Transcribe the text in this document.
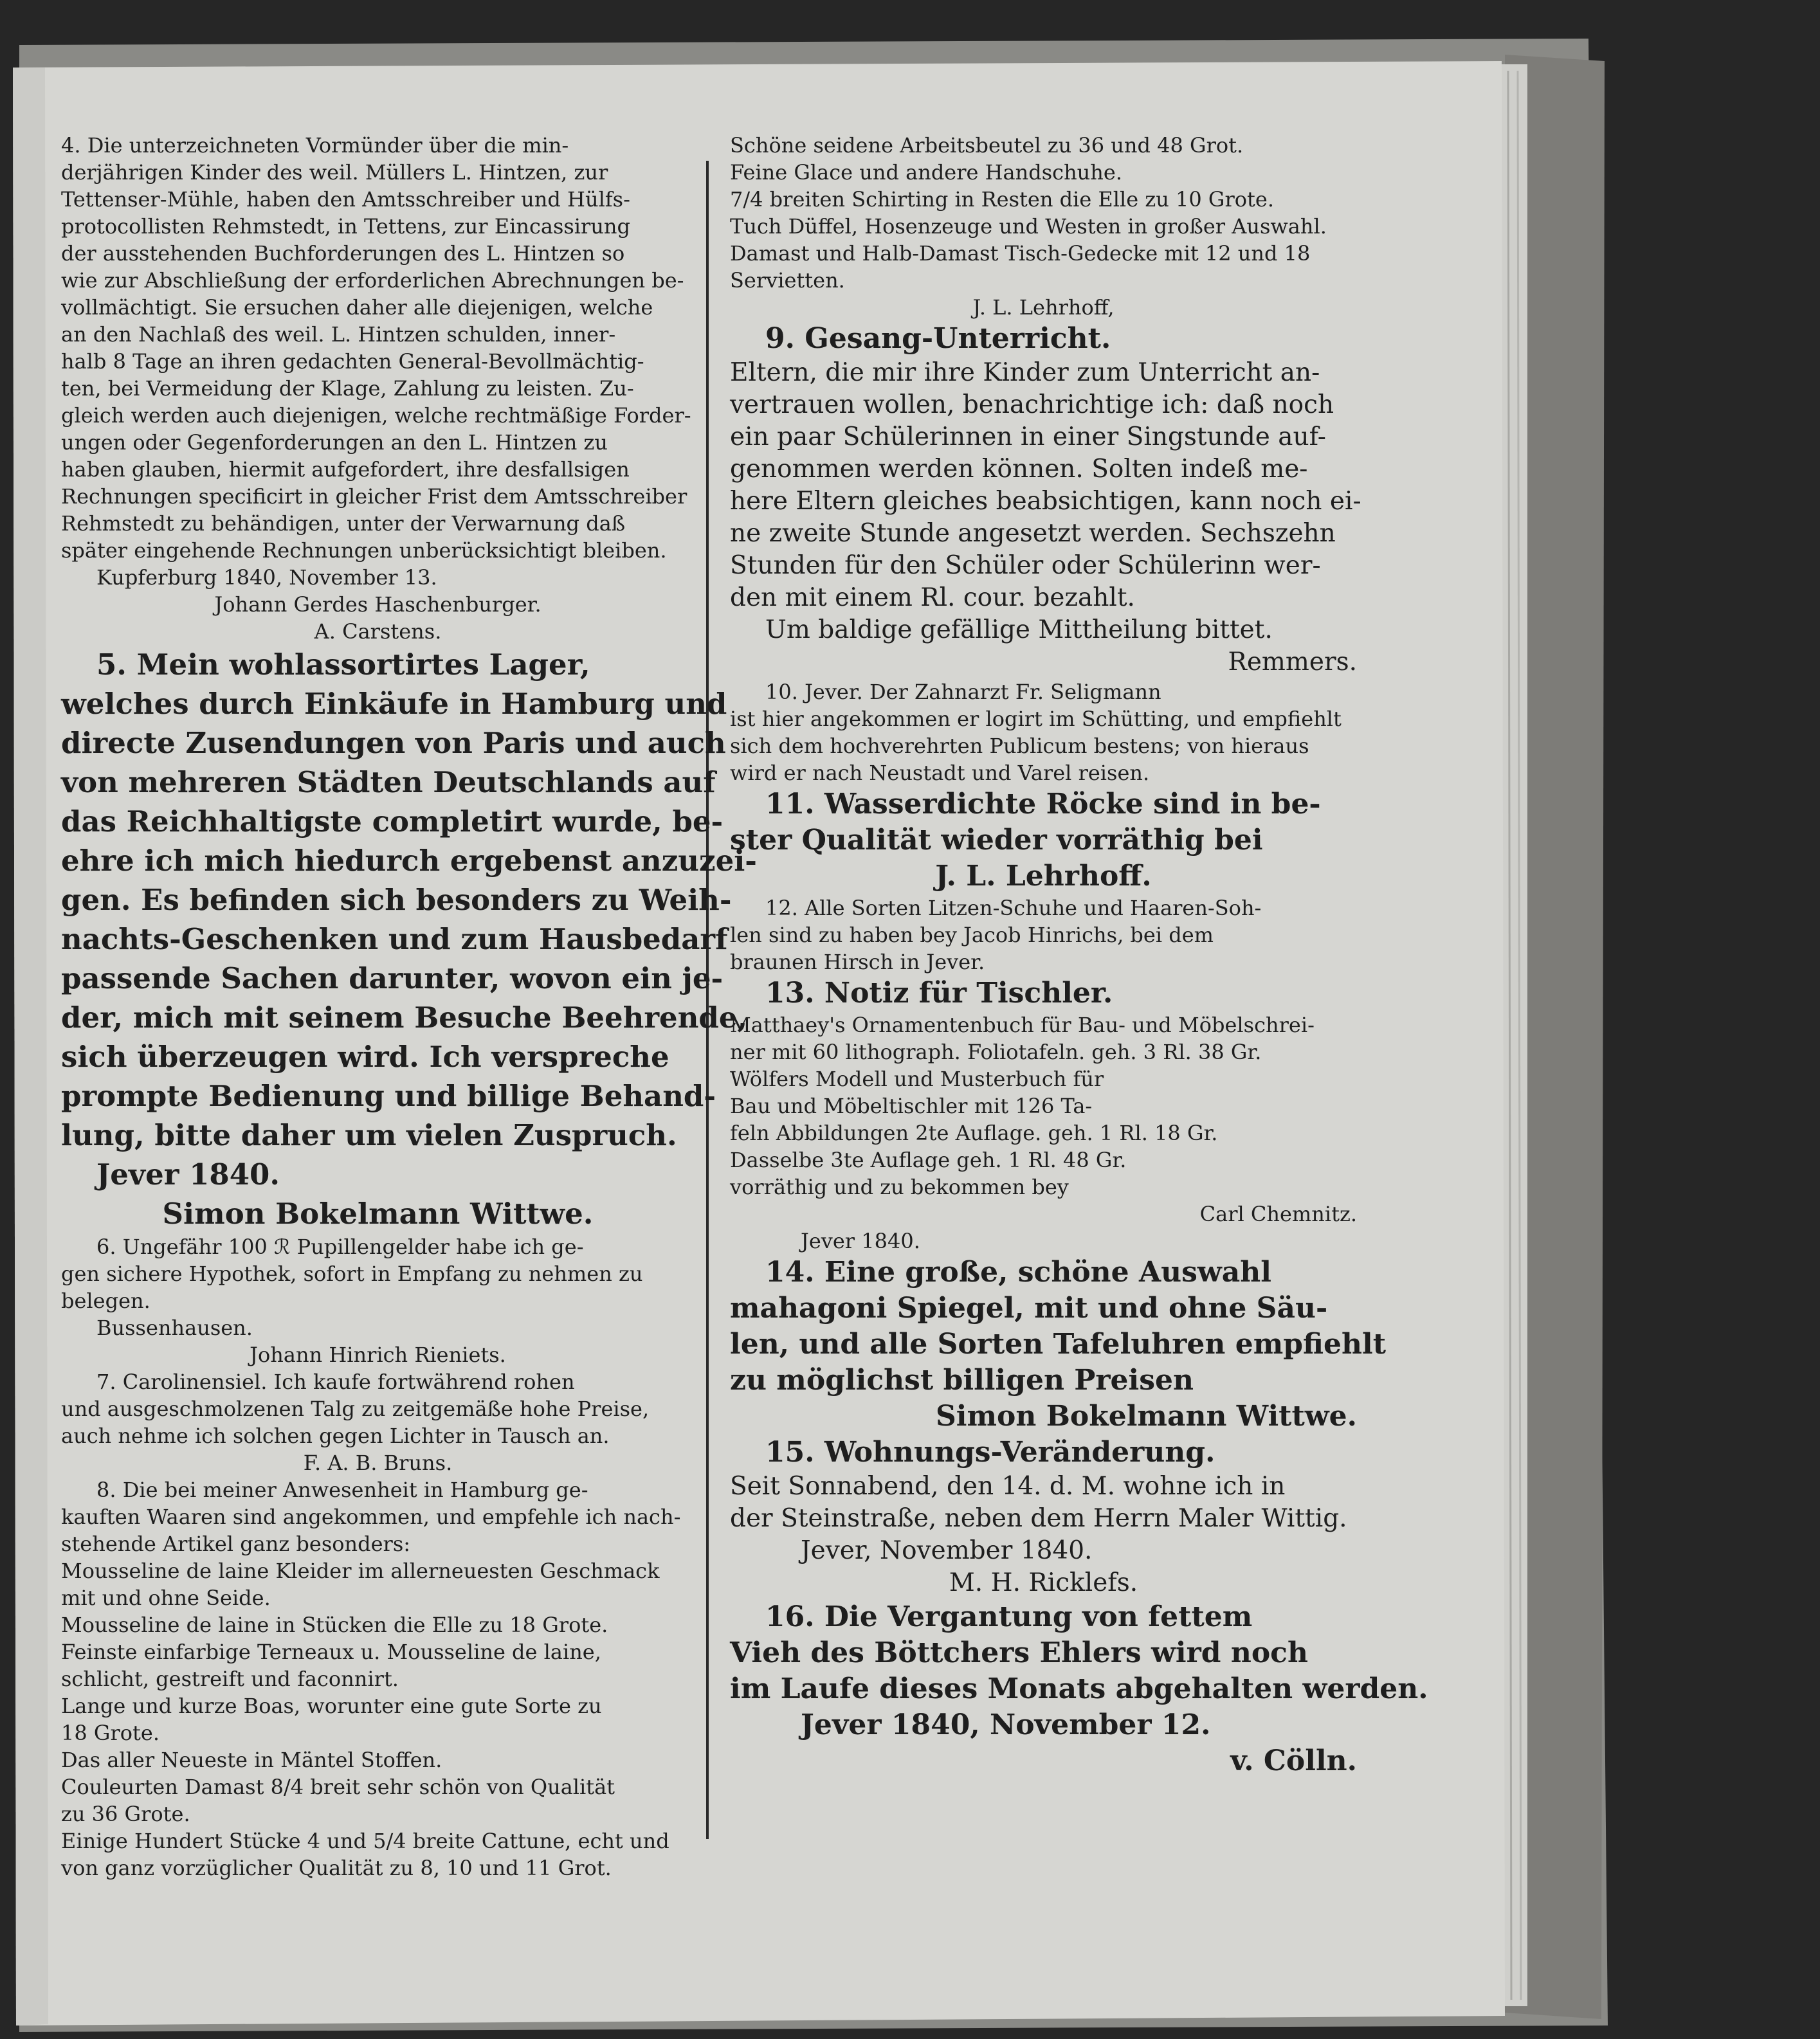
4. Die unterzeichneten Vormünder über die min-
derjährigen Kinder des weil. Müllers L. Hintzen, zur
Tettenser-Mühle, haben den Amtsschreiber und Hülfs-
protocollisten Rehmstedt, in Tettens, zur Eincassirung
der ausstehenden Buchforderungen des L. Hintzen so
wie zur Abschließung der erforderlichen Abrechnungen be-
vollmächtigt. Sie ersuchen daher alle diejenigen, welche
an den Nachlaß des weil. L. Hintzen schulden, inner-
halb 8 Tage an ihren gedachten General-Bevollmächtig-
ten, bei Vermeidung der Klage, Zahlung zu leisten. Zu-
gleich werden auch diejenigen, welche rechtmäßige Forder-
ungen oder Gegenforderungen an den L. Hintzen zu
haben glauben, hiermit aufgefordert, ihre desfallsigen
Rechnungen specificirt in gleicher Frist dem Amtsschreiber
Rehmstedt zu behändigen, unter der Verwarnung daß
später eingehende Rechnungen unberücksichtigt bleiben.
Kupferburg 1840, November 13.
Johann Gerdes Haschenburger.
A. Carstens.
5. Mein wohlassortirtes Lager,
welches durch Einkäufe in Hamburg und
directe Zusendungen von Paris und auch
von mehreren Städten Deutschlands auf
das Reichhaltigste completirt wurde, be-
ehre ich mich hiedurch ergebenst anzuzei-
gen. Es befinden sich besonders zu Weih-
nachts-Geschenken und zum Hausbedarf
passende Sachen darunter, wovon ein je-
der, mich mit seinem Besuche Beehrende,
sich überzeugen wird. Ich verspreche
prompte Bedienung und billige Behand-
lung, bitte daher um vielen Zuspruch.
Jever 1840.
Simon Bokelmann Wittwe.
6. Ungefähr 100 ℛ Pupillengelder habe ich ge-
gen sichere Hypothek, sofort in Empfang zu nehmen zu
belegen.
Bussenhausen.
Johann Hinrich Rieniets.
7. Carolinensiel. Ich kaufe fortwährend rohen
und ausgeschmolzenen Talg zu zeitgemäße hohe Preise,
auch nehme ich solchen gegen Lichter in Tausch an.
F. A. B. Bruns.
8. Die bei meiner Anwesenheit in Hamburg ge-
kauften Waaren sind angekommen, und empfehle ich nach-
stehende Artikel ganz besonders:
Mousseline de laine Kleider im allerneuesten Geschmack
mit und ohne Seide.
Mousseline de laine in Stücken die Elle zu 18 Grote.
Feinste einfarbige Terneaux u. Mousseline de laine,
schlicht, gestreift und faconnirt.
Lange und kurze Boas, worunter eine gute Sorte zu
18 Grote.
Das aller Neueste in Mäntel Stoffen.
Couleurten Damast 8/4 breit sehr schön von Qualität
zu 36 Grote.
Einige Hundert Stücke 4 und 5/4 breite Cattune, echt und
von ganz vorzüglicher Qualität zu 8, 10 und 11 Grot.
Schöne seidene Arbeitsbeutel zu 36 und 48 Grot.
Feine Glace und andere Handschuhe.
7/4 breiten Schirting in Resten die Elle zu 10 Grote.
Tuch Düffel, Hosenzeuge und Westen in großer Auswahl.
Damast und Halb-Damast Tisch-Gedecke mit 12 und 18
Servietten.
J. L. Lehrhoff,
9. Gesang-Unterricht.
Eltern, die mir ihre Kinder zum Unterricht an-
vertrauen wollen, benachrichtige ich: daß noch
ein paar Schülerinnen in einer Singstunde auf-
genommen werden können. Solten indeß me-
here Eltern gleiches beabsichtigen, kann noch ei-
ne zweite Stunde angesetzt werden. Sechszehn
Stunden für den Schüler oder Schülerinn wer-
den mit einem Rl. cour. bezahlt.
Um baldige gefällige Mittheilung bittet.
Remmers.
10. Jever. Der Zahnarzt Fr. Seligmann
ist hier angekommen er logirt im Schütting, und empfiehlt
sich dem hochverehrten Publicum bestens; von hieraus
wird er nach Neustadt und Varel reisen.
11. Wasserdichte Röcke sind in be-
ster Qualität wieder vorräthig bei
J. L. Lehrhoff.
12. Alle Sorten Litzen-Schuhe und Haaren-Soh-
len sind zu haben bey Jacob Hinrichs, bei dem
braunen Hirsch in Jever.
13. Notiz für Tischler.
Matthaey's Ornamentenbuch für Bau- und Möbelschrei-
ner mit 60 lithograph. Foliotafeln. geh. 3 Rl. 38 Gr.
Wölfers Modell und Musterbuch für
Bau und Möbeltischler mit 126 Ta-
feln Abbildungen 2te Auflage. geh. 1 Rl. 18 Gr.
Dasselbe 3te Auflage geh. 1 Rl. 48 Gr.
vorräthig und zu bekommen bey
Carl Chemnitz.
Jever 1840.
14. Eine große, schöne Auswahl
mahagoni Spiegel, mit und ohne Säu-
len, und alle Sorten Tafeluhren empfiehlt
zu möglichst billigen Preisen
Simon Bokelmann Wittwe.
15. Wohnungs-Veränderung.
Seit Sonnabend, den 14. d. M. wohne ich in
der Steinstraße, neben dem Herrn Maler Wittig.
Jever, November 1840.
M. H. Ricklefs.
16. Die Vergantung von fettem
Vieh des Böttchers Ehlers wird noch
im Laufe dieses Monats abgehalten werden.
Jever 1840, November 12.
v. Cölln.
